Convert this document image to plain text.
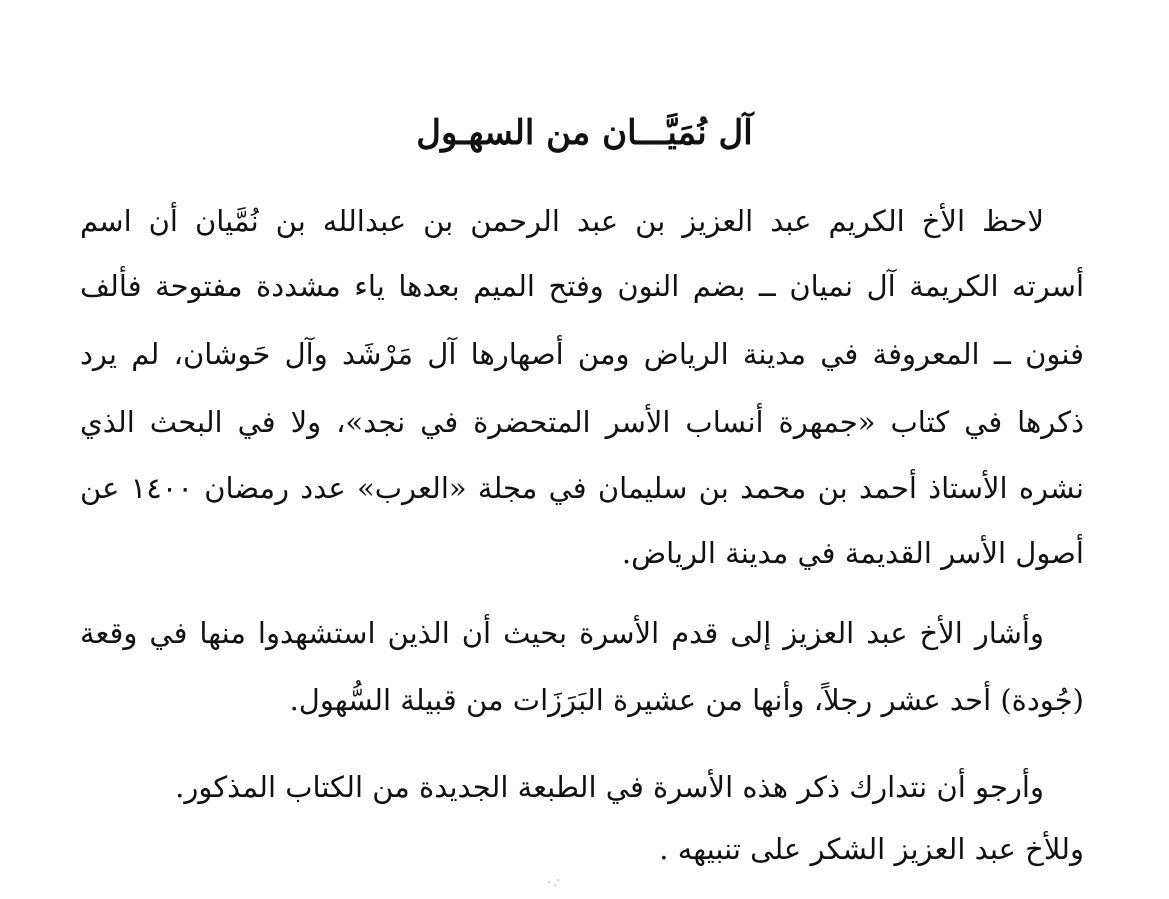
آل نُمَيَّـــان من السهـول
لاحظ الأخ الكريم عبد العزيز بن عبد الرحمن بن عبدالله بن نُمَّيان أن اسم
أسرته الكريمة آل نميان ــ بضم النون وفتح الميم بعدها ياء مشددة مفتوحة فألف
فنون ــ المعروفة في مدينة الرياض ومن أصهارها آل مَرْشَد وآل حَوشان، لم يرد
ذكرها في كتاب «جمهرة أنساب الأسر المتحضرة في نجد»، ولا في البحث الذي
نشره الأستاذ أحمد بن محمد بن سليمان في مجلة «العرب» عدد رمضان ١٤٠٠ عن
أصول الأسر القديمة في مدينة الرياض.
وأشار الأخ عبد العزيز إلى قدم الأسرة بحيث أن الذين استشهدوا منها في وقعة
(جُودة) أحد عشر رجلاً، وأنها من عشيرة البَرَزَات من قبيلة السُّهول.
وأرجو أن نتدارك ذكر هذه الأسرة في الطبعة الجديدة من الكتاب المذكور.
وللأخ عبد العزيز الشكر على تنبيهه .
